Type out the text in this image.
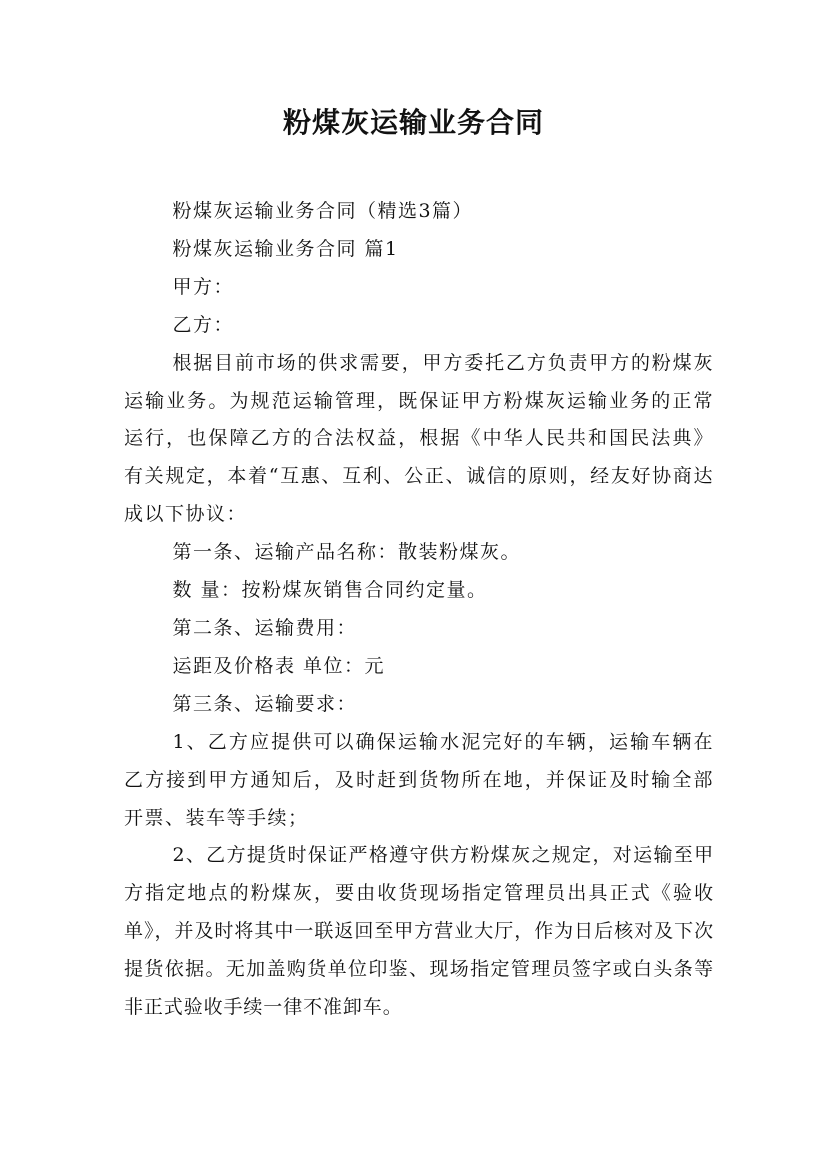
粉煤灰运输业务合同

粉煤灰运输业务合同（精选3篇）

粉煤灰运输业务合同 篇1

甲方：

乙方：

根据目前市场的供求需要，甲方委托乙方负责甲方的粉煤灰运输业务。为规范运输管理，既保证甲方粉煤灰运输业务的正常运行，也保障乙方的合法权益，根据《中华人民共和国民法典》有关规定，本着“互惠、互利、公正、诚信的原则，经友好协商达成以下协议：

第一条、运输产品名称：散装粉煤灰。

数 量：按粉煤灰销售合同约定量。

第二条、运输费用：

运距及价格表 单位：元

第三条、运输要求：

1、乙方应提供可以确保运输水泥完好的车辆，运输车辆在乙方接到甲方通知后，及时赶到货物所在地，并保证及时输全部开票、装车等手续；

2、乙方提货时保证严格遵守供方粉煤灰之规定，对运输至甲方指定地点的粉煤灰，要由收货现场指定管理员出具正式《验收单》，并及时将其中一联返回至甲方营业大厅，作为日后核对及下次提货依据。无加盖购货单位印鉴、现场指定管理员签字或白头条等非正式验收手续一律不准卸车。
